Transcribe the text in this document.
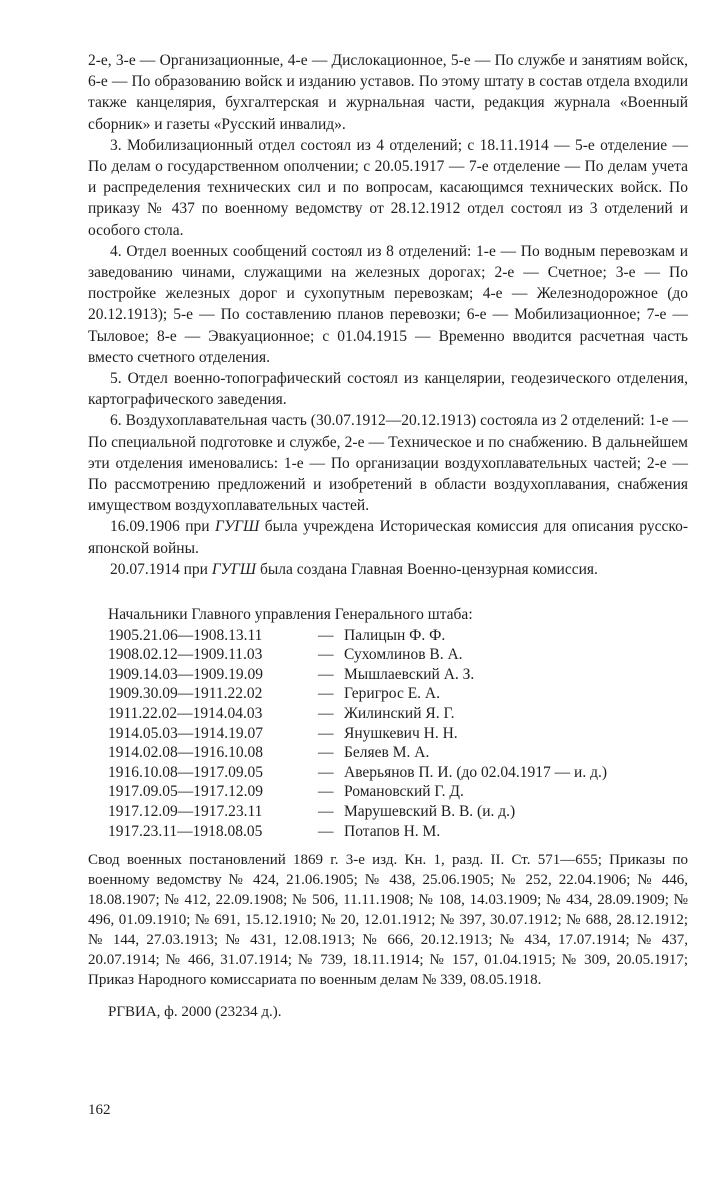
2-е, 3-е — Организационные, 4-е — Дислокационное, 5-е — По службе и занятиям войск, 6-е — По образованию войск и изданию уставов. По этому штату в состав отдела входили также канцелярия, бухгалтерская и журнальная части, редакция журнала «Военный сборник» и газеты «Русский инвалид».

3. Мобилизационный отдел состоял из 4 отделений; с 18.11.1914 — 5-е отделение — По делам о государственном ополчении; с 20.05.1917 — 7-е отделение — По делам учета и распределения технических сил и по вопросам, касающимся технических войск. По приказу № 437 по военному ведомству от 28.12.1912 отдел состоял из 3 отделений и особого стола.

4. Отдел военных сообщений состоял из 8 отделений: 1-е — По водным перевозкам и заведованию чинами, служащими на железных дорогах; 2-е — Счетное; 3-е — По постройке железных дорог и сухопутным перевозкам; 4-е — Железнодорожное (до 20.12.1913); 5-е — По составлению планов перевозки; 6-е — Мобилизационное; 7-е — Тыловое; 8-е — Эвакуационное; с 01.04.1915 — Временно вводится расчетная часть вместо счетного отделения.

5. Отдел военно-топографический состоял из канцелярии, геодезического отделения, картографического заведения.

6. Воздухоплавательная часть (30.07.1912—20.12.1913) состояла из 2 отделений: 1-е — По специальной подготовке и службе, 2-е — Техническое и по снабжению. В дальнейшем эти отделения именовались: 1-е — По организации воздухоплавательных частей; 2-е — По рассмотрению предложений и изобретений в области воздухоплавания, снабжения имуществом воздухоплавательных частей.

16.09.1906 при ГУГШ была учреждена Историческая комиссия для описания русско-японской войны.

20.07.1914 при ГУГШ была создана Главная Военно-цензурная комиссия.

Начальники Главного управления Генерального штаба:
1905.21.06—1908.13.11	— Палицын Ф. Ф.
1908.02.12—1909.11.03	— Сухомлинов В. А.
1909.14.03—1909.19.09	— Мышлаевский А. З.
1909.30.09—1911.22.02	— Геригрос Е. А.
1911.22.02—1914.04.03	— Жилинский Я. Г.
1914.05.03—1914.19.07	— Янушкевич Н. Н.
1914.02.08—1916.10.08	— Беляев М. А.
1916.10.08—1917.09.05	— Аверьянов П. И. (до 02.04.1917 — и. д.)
1917.09.05—1917.12.09	— Романовский Г. Д.
1917.12.09—1917.23.11	— Марушевский В. В. (и. д.)
1917.23.11—1918.08.05	— Потапов Н. М.

Свод военных постановлений 1869 г. 3-е изд. Кн. 1, разд. II. Ст. 571—655; Приказы по военному ведомству № 424, 21.06.1905; № 438, 25.06.1905; № 252, 22.04.1906; № 446, 18.08.1907; № 412, 22.09.1908; № 506, 11.11.1908; № 108, 14.03.1909; № 434, 28.09.1909; № 496, 01.09.1910; № 691, 15.12.1910; № 20, 12.01.1912; № 397, 30.07.1912; № 688, 28.12.1912; № 144, 27.03.1913; № 431, 12.08.1913; № 666, 20.12.1913; № 434, 17.07.1914; № 437, 20.07.1914; № 466, 31.07.1914; № 739, 18.11.1914; № 157, 01.04.1915; № 309, 20.05.1917; Приказ Народного комиссариата по военным делам № 339, 08.05.1918.

РГВИА, ф. 2000 (23234 д.).

162
